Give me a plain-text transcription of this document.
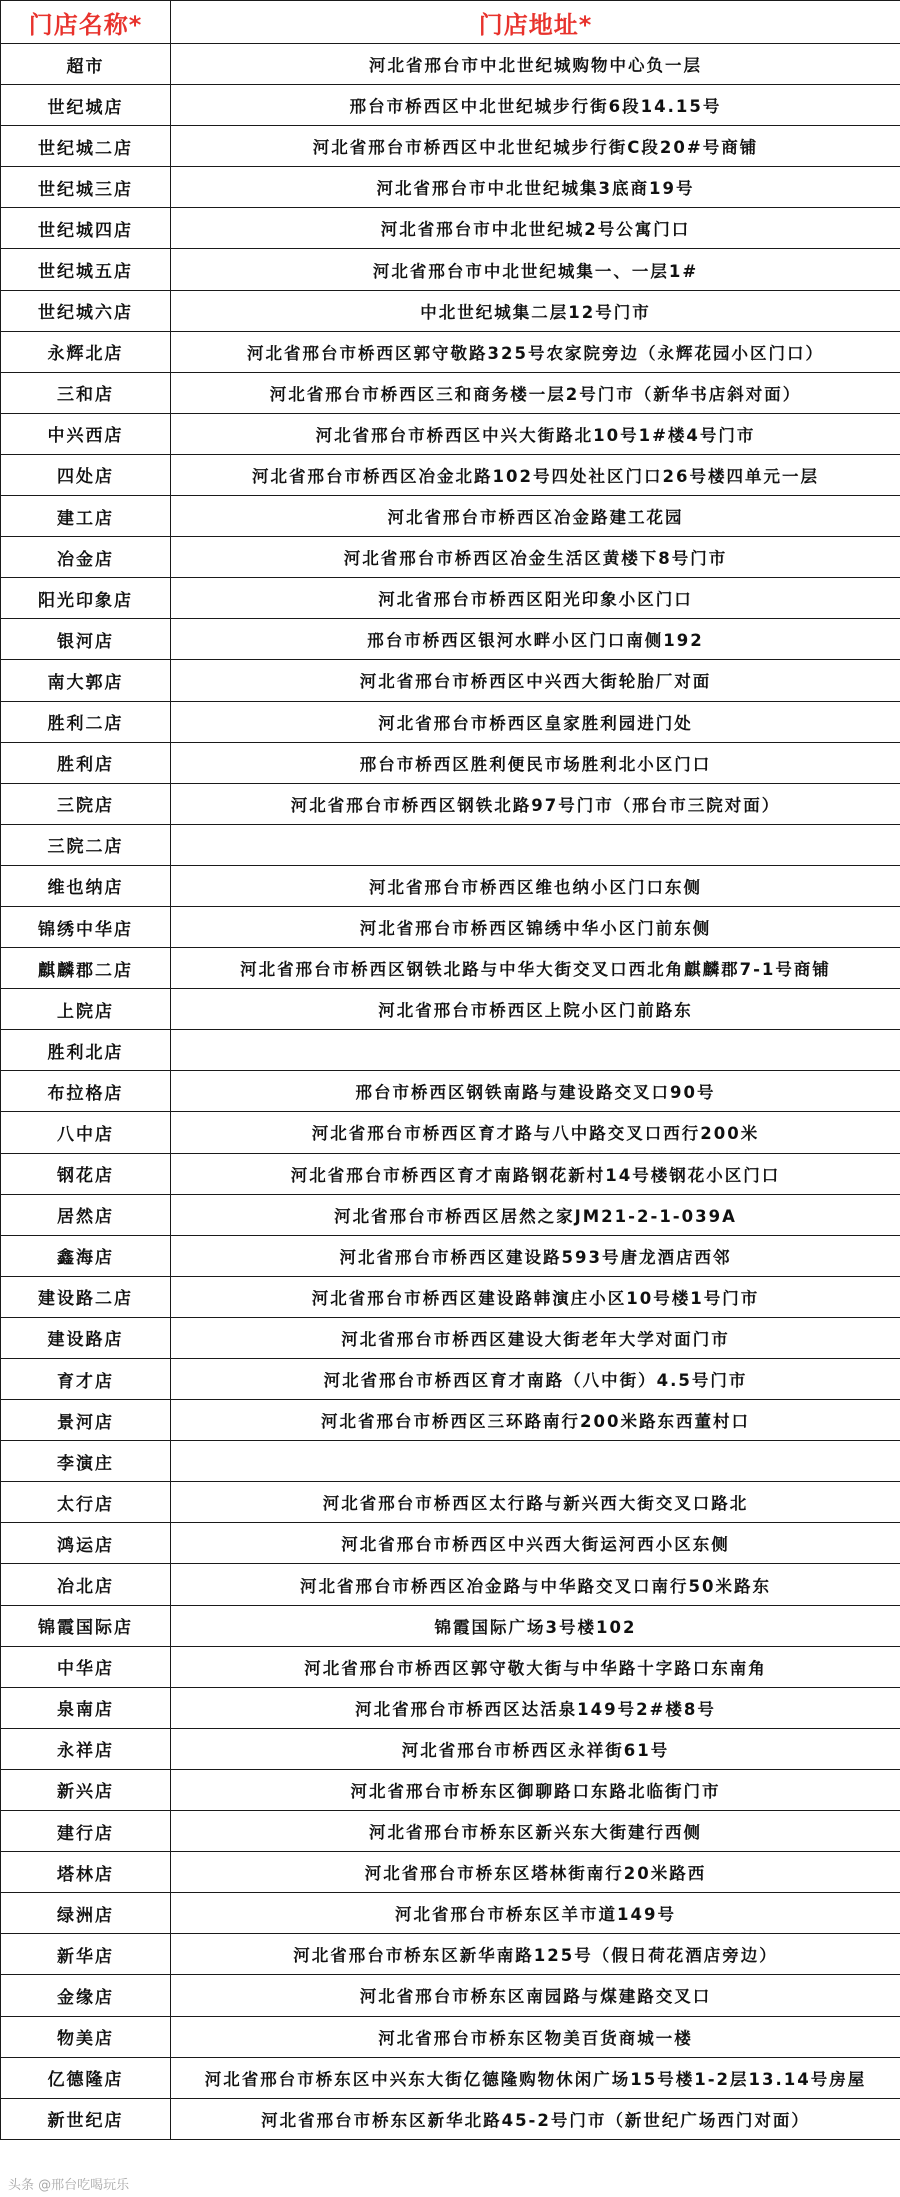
门店名称*	门店地址*
超市	河北省邢台市中北世纪城购物中心负一层
世纪城店	邢台市桥西区中北世纪城步行街6段14.15号
世纪城二店	河北省邢台市桥西区中北世纪城步行街C段20#号商铺
世纪城三店	河北省邢台市中北世纪城集3底商19号
世纪城四店	河北省邢台市中北世纪城2号公寓门口
世纪城五店	河北省邢台市中北世纪城集一、一层1#
世纪城六店	中北世纪城集二层12号门市
永辉北店	河北省邢台市桥西区郭守敬路325号农家院旁边（永辉花园小区门口）
三和店	河北省邢台市桥西区三和商务楼一层2号门市（新华书店斜对面）
中兴西店	河北省邢台市桥西区中兴大街路北10号1#楼4号门市
四处店	河北省邢台市桥西区冶金北路102号四处社区门口26号楼四单元一层
建工店	河北省邢台市桥西区冶金路建工花园
冶金店	河北省邢台市桥西区冶金生活区黄楼下8号门市
阳光印象店	河北省邢台市桥西区阳光印象小区门口
银河店	邢台市桥西区银河水畔小区门口南侧192
南大郭店	河北省邢台市桥西区中兴西大街轮胎厂对面
胜利二店	河北省邢台市桥西区皇家胜利园进门处
胜利店	邢台市桥西区胜利便民市场胜利北小区门口
三院店	河北省邢台市桥西区钢铁北路97号门市（邢台市三院对面）
三院二店	
维也纳店	河北省邢台市桥西区维也纳小区门口东侧
锦绣中华店	河北省邢台市桥西区锦绣中华小区门前东侧
麒麟郡二店	河北省邢台市桥西区钢铁北路与中华大街交叉口西北角麒麟郡7-1号商铺
上院店	河北省邢台市桥西区上院小区门前路东
胜利北店	
布拉格店	邢台市桥西区钢铁南路与建设路交叉口90号
八中店	河北省邢台市桥西区育才路与八中路交叉口西行200米
钢花店	河北省邢台市桥西区育才南路钢花新村14号楼钢花小区门口
居然店	河北省邢台市桥西区居然之家JM21-2-1-039A
鑫海店	河北省邢台市桥西区建设路593号唐龙酒店西邻
建设路二店	河北省邢台市桥西区建设路韩演庄小区10号楼1号门市
建设路店	河北省邢台市桥西区建设大街老年大学对面门市
育才店	河北省邢台市桥西区育才南路（八中街）4.5号门市
景河店	河北省邢台市桥西区三环路南行200米路东西董村口
李演庄	
太行店	河北省邢台市桥西区太行路与新兴西大街交叉口路北
鸿运店	河北省邢台市桥西区中兴西大街运河西小区东侧
冶北店	河北省邢台市桥西区冶金路与中华路交叉口南行50米路东
锦霞国际店	锦霞国际广场3号楼102
中华店	河北省邢台市桥西区郭守敬大街与中华路十字路口东南角
泉南店	河北省邢台市桥西区达活泉149号2#楼8号
永祥店	河北省邢台市桥西区永祥街61号
新兴店	河北省邢台市桥东区御聊路口东路北临街门市
建行店	河北省邢台市桥东区新兴东大街建行西侧
塔林店	河北省邢台市桥东区塔林街南行20米路西
绿洲店	河北省邢台市桥东区羊市道149号
新华店	河北省邢台市桥东区新华南路125号（假日荷花酒店旁边）
金缘店	河北省邢台市桥东区南园路与煤建路交叉口
物美店	河北省邢台市桥东区物美百货商城一楼
亿德隆店	河北省邢台市桥东区中兴东大街亿德隆购物休闲广场15号楼1-2层13.14号房屋
新世纪店	河北省邢台市桥东区新华北路45-2号门市（新世纪广场西门对面）
头条 @邢台吃喝玩乐
